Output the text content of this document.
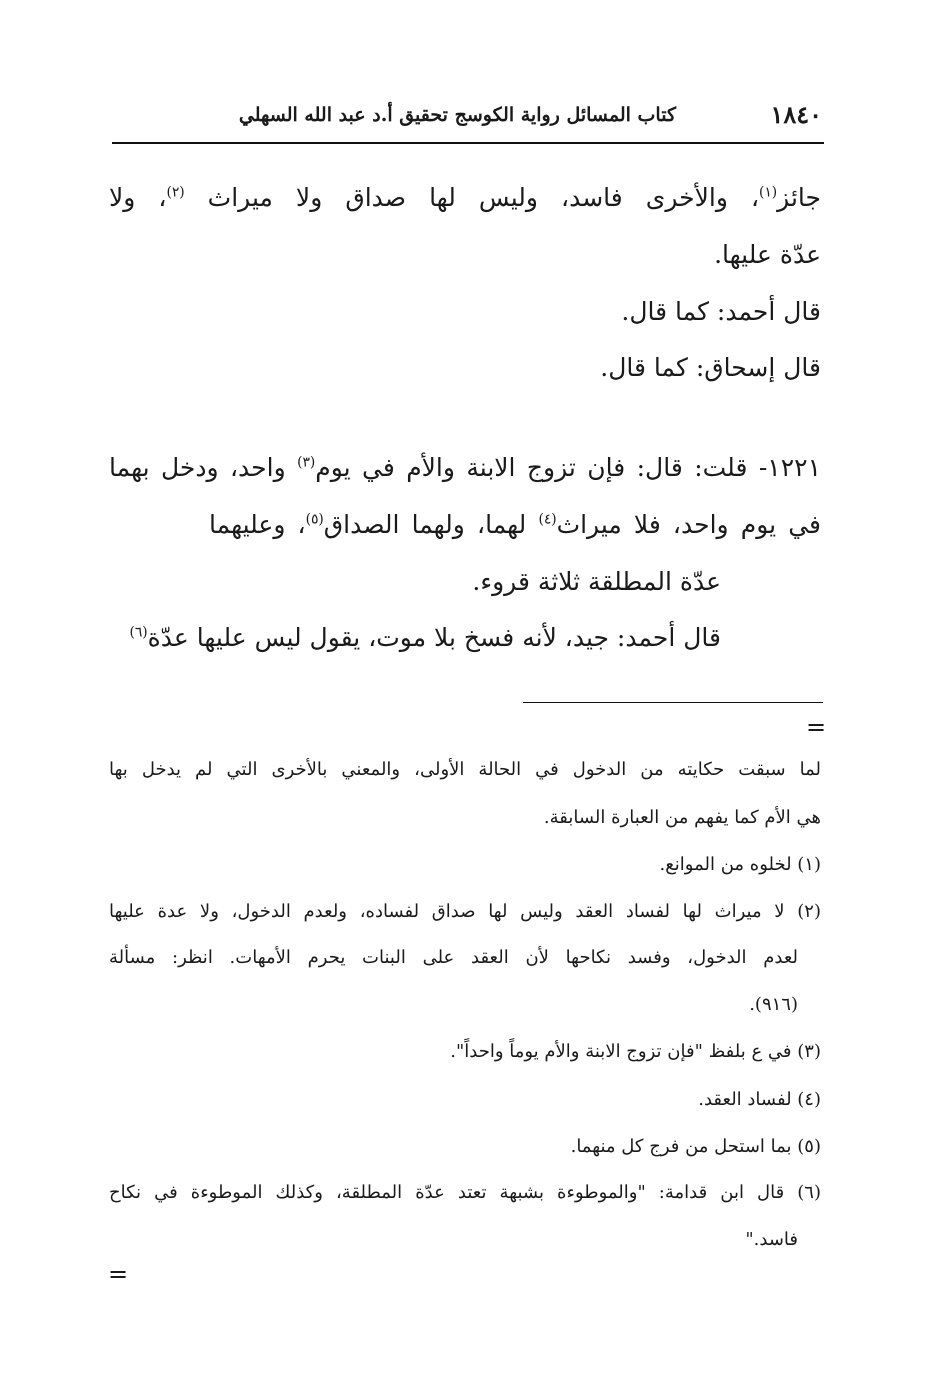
١٨٤٠
كتاب المسائل رواية الكوسج تحقيق أ.د عبد الله السهلي
جائز$^{(١)}$، والأخرى فاسد، وليس لها صداق ولا ميراث $^{(٢)}$، ولا
عدّة عليها.
قال أحمد: كما قال.
قال إسحاق: كما قال.
١٢٢١- قلت: قال: فإن تزوج الابنة والأم في يوم$^{(٣)}$ واحد، ودخل بهما
في يوم واحد، فلا ميراث$^{(٤)}$ لهما، ولهما الصداق$^{(٥)}$، وعليهما
عدّة المطلقة ثلاثة قروء.
قال أحمد: جيد، لأنه فسخ بلا موت، يقول ليس عليها عدّة$^{(٦)}$
=
لما سبقت حكايته من الدخول في الحالة الأولى، والمعني بالأخرى التي لم يدخل بها
هي الأم كما يفهم من العبارة السابقة.
(١) لخلوه من الموانع.
(٢) لا ميراث لها لفساد العقد وليس لها صداق لفساده، ولعدم الدخول، ولا عدة عليها
لعدم الدخول، وفسد نكاحها لأن العقد على البنات يحرم الأمهات. انظر: مسألة
(٩١٦).
(٣) في ع بلفظ "فإن تزوج الابنة والأم يوماً واحداً".
(٤) لفساد العقد.
(٥) بما استحل من فرج كل منهما.
(٦) قال ابن قدامة: "والموطوءة بشبهة تعتد عدّة المطلقة، وكذلك الموطوءة في نكاح
فاسد."
=
